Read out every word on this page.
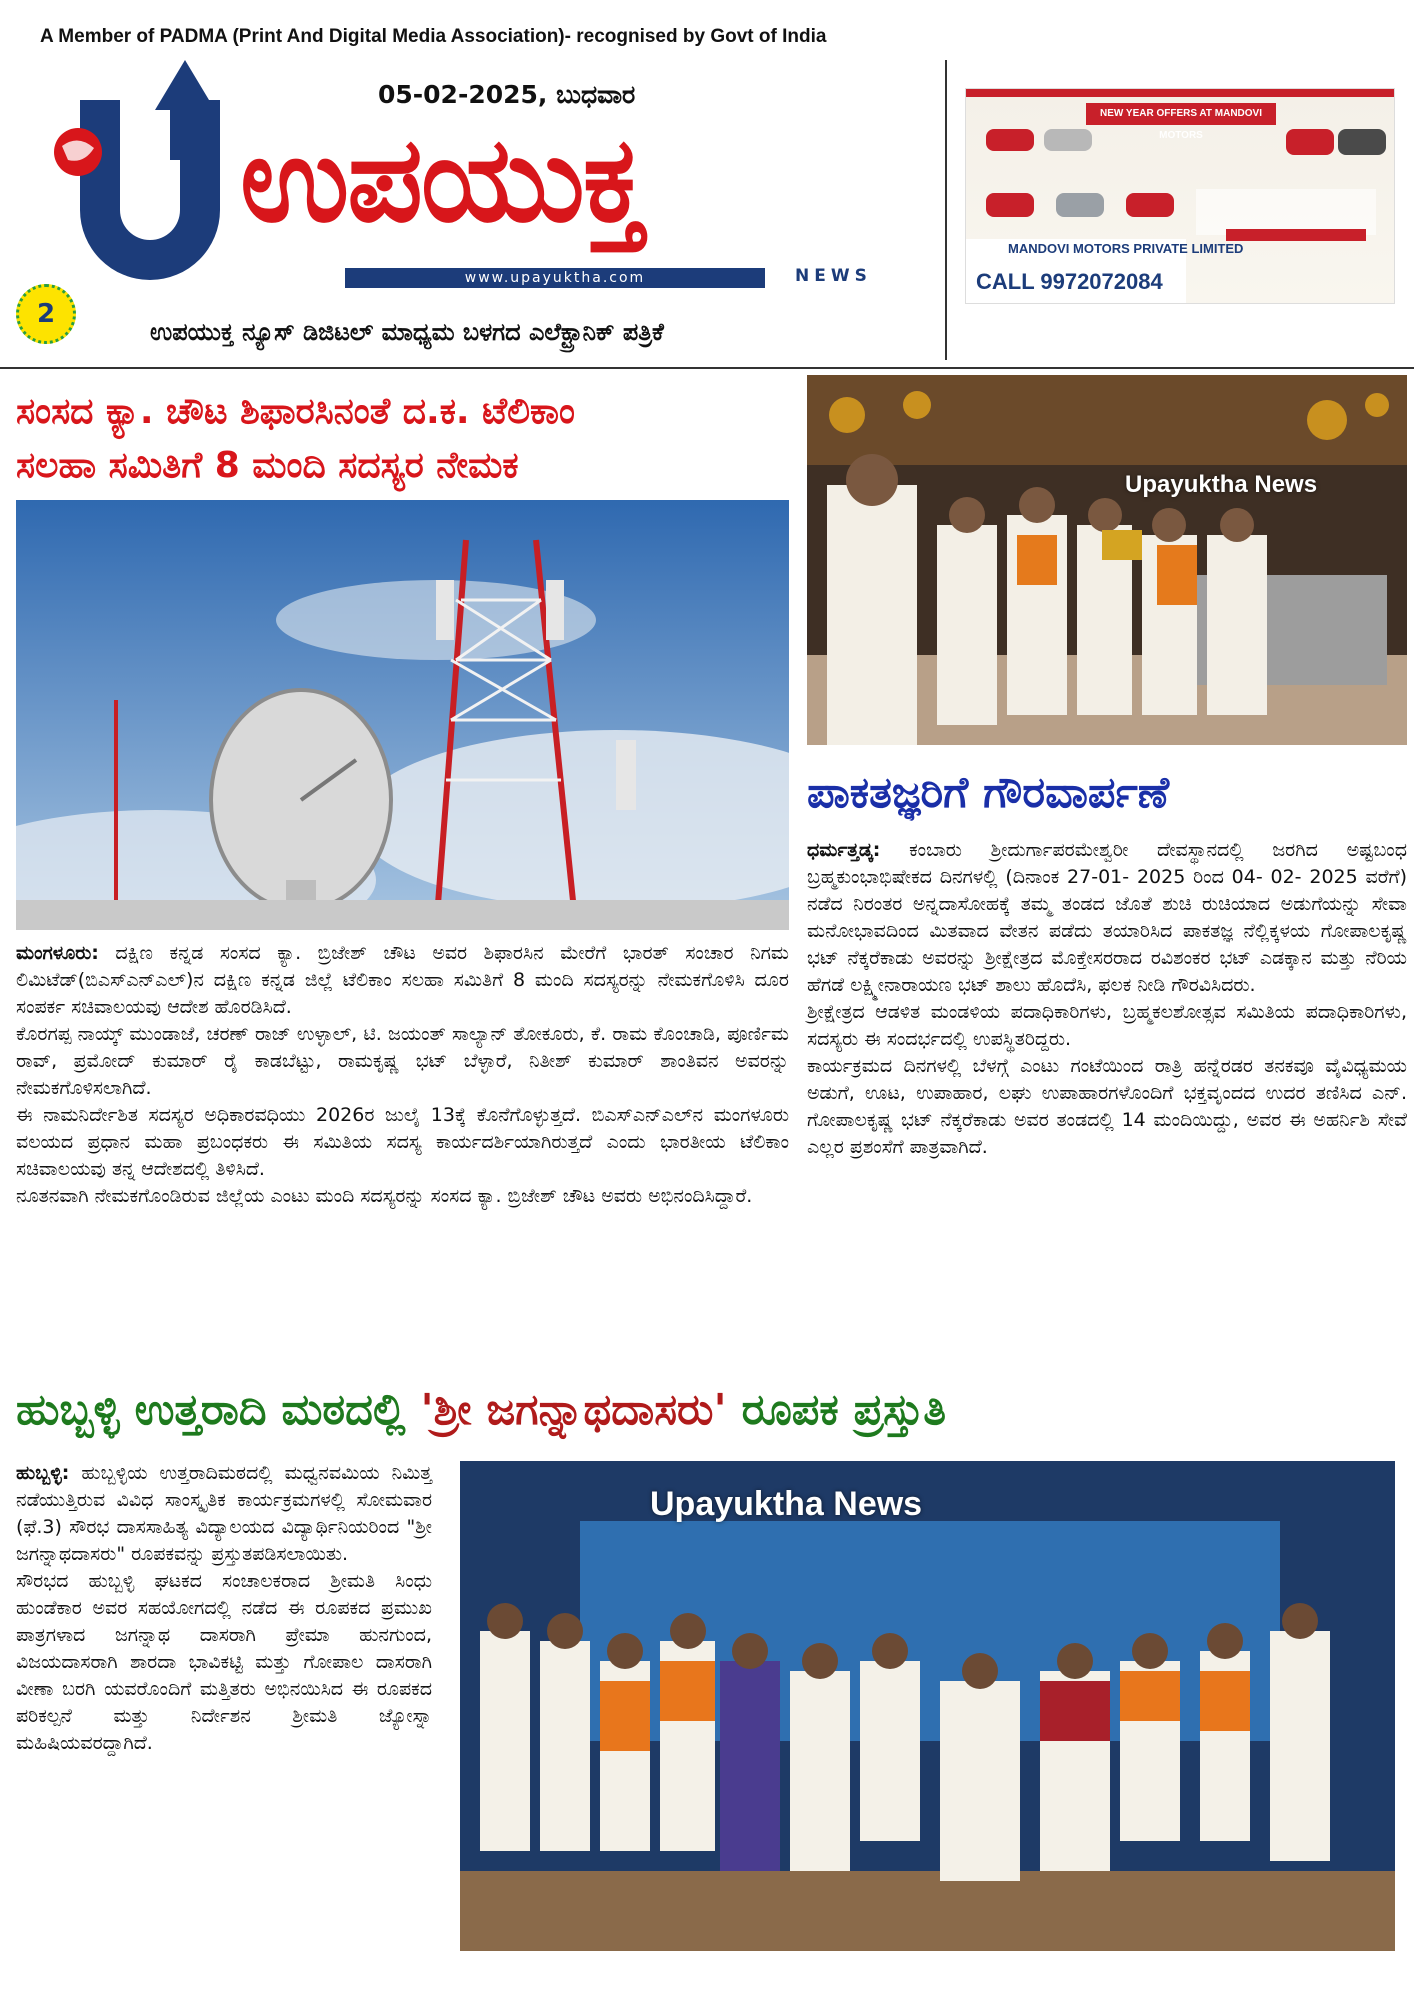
A Member of PADMA (Print And Digital Media Association)- recognised by Govt of India
05-02-2025, ಬುಧವಾರ
ಉಪಯುಕ್ತ
www.upayuktha.com	NEWS
2
ಉಪಯುಕ್ತ ನ್ಯೂಸ್ ಡಿಜಿಟಲ್ ಮಾಧ್ಯಮ ಬಳಗದ ಎಲೆಕ್ಟ್ರಾನಿಕ್ ಪತ್ರಿಕೆ
NEW YEAR OFFERS AT MANDOVI MOTORS
MANDOVI MOTORS PRIVATE LIMITED
CALL 9972072084
ಸಂಸದ ಕ್ಯಾ. ಚೌಟ ಶಿಫಾರಸಿನಂತೆ ದ.ಕ. ಟೆಲಿಕಾಂ
ಸಲಹಾ ಸಮಿತಿಗೆ 8 ಮಂದಿ ಸದಸ್ಯರ ನೇಮಕ

ಮಂಗಳೂರು: ದಕ್ಷಿಣ ಕನ್ನಡ ಸಂಸದ ಕ್ಯಾ. ಬ್ರಿಜೇಶ್ ಚೌಟ ಅವರ ಶಿಫಾರಸಿನ ಮೇರೆಗೆ ಭಾರತ್ ಸಂಚಾರ ನಿಗಮ ಲಿಮಿಟೆಡ್(ಬಿಎಸ್‌ಎನ್‌ಎಲ್)ನ ದಕ್ಷಿಣ ಕನ್ನಡ ಜಿಲ್ಲೆ ಟೆಲಿಕಾಂ ಸಲಹಾ ಸಮಿತಿಗೆ 8 ಮಂದಿ ಸದಸ್ಯರನ್ನು ನೇಮಕಗೊಳಿಸಿ ದೂರ ಸಂಪರ್ಕ ಸಚಿವಾಲಯವು ಆದೇಶ ಹೊರಡಿಸಿದೆ.

ಕೊರಗಪ್ಪ ನಾಯ್ಕ್ ಮುಂಡಾಜೆ, ಚರಣ್ ರಾಜ್ ಉಳ್ಳಾಲ್, ಟಿ. ಜಯಂತ್ ಸಾಲ್ಯಾನ್ ತೋಕೂರು, ಕೆ. ರಾಮ ಕೊಂಚಾಡಿ, ಪೂರ್ಣಿಮ ರಾವ್, ಪ್ರಮೋದ್ ಕುಮಾರ್ ರೈ ಕಾಡಬೆಟ್ಟು, ರಾಮಕೃಷ್ಣ ಭಟ್ ಬೆಳ್ಳಾರೆ, ನಿತೀಶ್ ಕುಮಾರ್ ಶಾಂತಿವನ ಅವರನ್ನು ನೇಮಕಗೊಳಿಸಲಾಗಿದೆ.

ಈ ನಾಮನಿರ್ದೇಶಿತ ಸದಸ್ಯರ ಅಧಿಕಾರವಧಿಯು 2026ರ ಜುಲೈ 13ಕ್ಕೆ ಕೊನೆಗೊಳ್ಳುತ್ತದೆ. ಬಿಎಸ್‌ಎನ್‌ಎಲ್‌ನ ಮಂಗಳೂರು ವಲಯದ ಪ್ರಧಾನ ಮಹಾ ಪ್ರಬಂಧಕರು ಈ ಸಮಿತಿಯ ಸದಸ್ಯ ಕಾರ್ಯದರ್ಶಿಯಾಗಿರುತ್ತದೆ ಎಂದು ಭಾರತೀಯ ಟೆಲಿಕಾಂ ಸಚಿವಾಲಯವು ತನ್ನ ಆದೇಶದಲ್ಲಿ ತಿಳಿಸಿದೆ.

ನೂತನವಾಗಿ ನೇಮಕಗೊಂಡಿರುವ ಜಿಲ್ಲೆಯ ಎಂಟು ಮಂದಿ ಸದಸ್ಯರನ್ನು ಸಂಸದ ಕ್ಯಾ. ಬ್ರಿಜೇಶ್ ಚೌಟ ಅವರು ಅಭಿನಂದಿಸಿದ್ದಾರೆ.

Upayuktha News
ಪಾಕತಜ್ಞರಿಗೆ ಗೌರವಾರ್ಪಣೆ

ಧರ್ಮತ್ತಡ್ಕ: ಕಂಬಾರು ಶ್ರೀದುರ್ಗಾಪರಮೇಶ್ವರೀ ದೇವಸ್ಥಾನದಲ್ಲಿ ಜರಗಿದ ಅಷ್ಟಬಂಧ ಬ್ರಹ್ಮಕುಂಭಾಭಿಷೇಕದ ದಿನಗಳಲ್ಲಿ (ದಿನಾಂಕ 27-01- 2025 ರಿಂದ 04- 02- 2025 ವರೆಗೆ) ನಡೆದ ನಿರಂತರ ಅನ್ನದಾಸೋಹಕ್ಕೆ ತಮ್ಮ ತಂಡದ ಜೊತೆ ಶುಚಿ ರುಚಿಯಾದ ಅಡುಗೆಯನ್ನು ಸೇವಾ ಮನೋಭಾವದಿಂದ ಮಿತವಾದ ವೇತನ ಪಡೆದು ತಯಾರಿಸಿದ ಪಾಕತಜ್ಞ ನೆಲ್ಲಿಕ್ಕಳಯ ಗೋಪಾಲಕೃಷ್ಣ ಭಟ್ ನೆಕ್ಕರೆಕಾಡು ಅವರನ್ನು ಶ್ರೀಕ್ಷೇತ್ರದ ಮೊಕ್ತೇಸರರಾದ ರವಿಶಂಕರ ಭಟ್ ಎಡಕ್ಕಾನ ಮತ್ತು ನೆರಿಯ ಹೆಗಡೆ ಲಕ್ಷ್ಮೀನಾರಾಯಣ ಭಟ್ ಶಾಲು ಹೊದೆಸಿ, ಫಲಕ ನೀಡಿ ಗೌರವಿಸಿದರು.

ಶ್ರೀಕ್ಷೇತ್ರದ ಆಡಳಿತ ಮಂಡಳಿಯ ಪದಾಧಿಕಾರಿಗಳು, ಬ್ರಹ್ಮಕಲಶೋತ್ಸವ ಸಮಿತಿಯ ಪದಾಧಿಕಾರಿಗಳು, ಸದಸ್ಯರು ಈ ಸಂದರ್ಭದಲ್ಲಿ ಉಪಸ್ಥಿತರಿದ್ದರು.

ಕಾರ್ಯಕ್ರಮದ ದಿನಗಳಲ್ಲಿ ಬೆಳಗ್ಗೆ ಎಂಟು ಗಂಟೆಯಿಂದ ರಾತ್ರಿ ಹನ್ನೆರಡರ ತನಕವೂ ವೈವಿಧ್ಯಮಯ ಅಡುಗೆ, ಊಟ, ಉಪಾಹಾರ, ಲಘು ಉಪಾಹಾರಗಳೊಂದಿಗೆ ಭಕ್ತವೃಂದದ ಉದರ ತಣಿಸಿದ ಎನ್. ಗೋಪಾಲಕೃಷ್ಣ ಭಟ್ ನೆಕ್ಕರೆಕಾಡು ಅವರ ತಂಡದಲ್ಲಿ 14 ಮಂದಿಯಿದ್ದು, ಅವರ ಈ ಅಹರ್ನಿಶಿ ಸೇವೆ ಎಲ್ಲರ ಪ್ರಶಂಸೆಗೆ ಪಾತ್ರವಾಗಿದೆ.

ಹುಬ್ಬಳ್ಳಿ ಉತ್ತರಾದಿ ಮಠದಲ್ಲಿ 'ಶ್ರೀ ಜಗನ್ನಾಥದಾಸರು' ರೂಪಕ ಪ್ರಸ್ತುತಿ

ಹುಬ್ಬಳ್ಳಿ: ಹುಬ್ಬಳ್ಳಿಯ ಉತ್ತರಾದಿಮಠದಲ್ಲಿ ಮಧ್ವನವಮಿಯ ನಿಮಿತ್ತ ನಡೆಯುತ್ತಿರುವ ವಿವಿಧ ಸಾಂಸ್ಕೃತಿಕ ಕಾರ್ಯಕ್ರಮಗಳಲ್ಲಿ ಸೋಮವಾರ (ಫೆ.3) ಸೌರಭ ದಾಸಸಾಹಿತ್ಯ ವಿದ್ಯಾಲಯದ ವಿದ್ಯಾರ್ಥಿನಿಯರಿಂದ "ಶ್ರೀ ಜಗನ್ನಾಥದಾಸರು" ರೂಪಕವನ್ನು ಪ್ರಸ್ತುತಪಡಿಸಲಾಯಿತು.

ಸೌರಭದ ಹುಬ್ಬಳ್ಳಿ ಘಟಕದ ಸಂಚಾಲಕರಾದ ಶ್ರೀಮತಿ ಸಿಂಧು ಹುಂಡೆಕಾರ ಅವರ ಸಹಯೋಗದಲ್ಲಿ ನಡೆದ ಈ ರೂಪಕದ ಪ್ರಮುಖ ಪಾತ್ರಗಳಾದ ಜಗನ್ನಾಥ ದಾಸರಾಗಿ ಪ್ರೇಮಾ ಹುನಗುಂದ, ವಿಜಯದಾಸರಾಗಿ ಶಾರದಾ ಭಾವಿಕಟ್ಟಿ ಮತ್ತು ಗೋಪಾಲ ದಾಸರಾಗಿ ವೀಣಾ ಬರಗಿ ಯವರೊಂದಿಗೆ ಮತ್ತಿತರು ಅಭಿನಯಿಸಿದ ಈ ರೂಪಕದ ಪರಿಕಲ್ಪನೆ ಮತ್ತು ನಿರ್ದೇಶನ ಶ್ರೀಮತಿ ಜ್ಯೋಸ್ನಾ ಮಹಿಷಿಯವರದ್ದಾಗಿದೆ.

Upayuktha News
